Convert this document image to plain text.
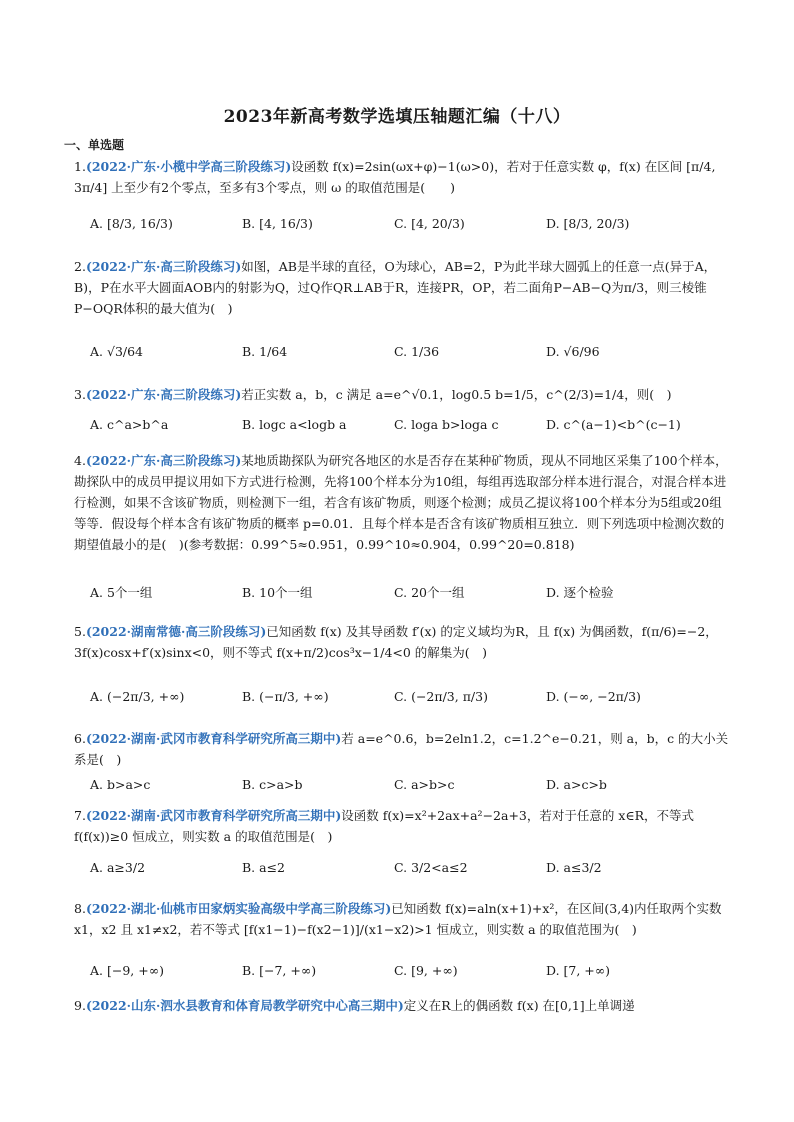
2023年新高考数学选填压轴题汇编（十八）
一、单选题
1.(2022·广东·小榄中学高三阶段练习)设函数 f(x)=2sin(ωx+φ)−1(ω>0)，若对于任意实数 φ，f(x) 在区间 [π/4, 3π/4] 上至少有2个零点，至多有3个零点，则 ω 的取值范围是(　　)
A. [8/3, 16/3)	B. [4, 16/3)	C. [4, 20/3)	D. [8/3, 20/3)
2.(2022·广东·高三阶段练习)如图，AB是半球的直径，O为球心，AB=2，P为此半球大圆弧上的任意一点(异于A，B)，P在水平大圆面AOB内的射影为Q，过Q作QR⊥AB于R，连接PR，OP，若二面角P−AB−Q为π/3，则三棱锥P−OQR体积的最大值为(　)
A. √3/64	B. 1/64	C. 1/36	D. √6/96
3.(2022·广东·高三阶段练习)若正实数 a，b，c 满足 a=e^√0.1，log0.5 b=1/5，c^(2/3)=1/4，则(　)
A. c^a>b^a	B. logc a<logb a	C. loga b>loga c	D. c^(a−1)<b^(c−1)
4.(2022·广东·高三阶段练习)某地质勘探队为研究各地区的水是否存在某种矿物质，现从不同地区采集了100个样本，勘探队中的成员甲提议用如下方式进行检测，先将100个样本分为10组，每组再选取部分样本进行混合，对混合样本进行检测，如果不含该矿物质，则检测下一组，若含有该矿物质，则逐个检测；成员乙提议将100个样本分为5组或20组等等．假设每个样本含有该矿物质的概率 p=0.01．且每个样本是否含有该矿物质相互独立．则下列选项中检测次数的期望值最小的是(　)(参考数据：0.99^5≈0.951，0.99^10≈0.904，0.99^20=0.818)
A. 5个一组	B. 10个一组	C. 20个一组	D. 逐个检验
5.(2022·湖南常德·高三阶段练习)已知函数 f(x) 及其导函数 f′(x) 的定义域均为R，且 f(x) 为偶函数，f(π/6)=−2，3f(x)cosx+f′(x)sinx<0，则不等式 f(x+π/2)cos³x−1/4<0 的解集为(　)
A. (−2π/3, +∞)	B. (−π/3, +∞)	C. (−2π/3, π/3)	D. (−∞, −2π/3)
6.(2022·湖南·武冈市教育科学研究所高三期中)若 a=e^0.6，b=2eln1.2，c=1.2^e−0.21，则 a，b，c 的大小关系是(　)
A. b>a>c	B. c>a>b	C. a>b>c	D. a>c>b
7.(2022·湖南·武冈市教育科学研究所高三期中)设函数 f(x)=x²+2ax+a²−2a+3，若对于任意的 x∈R，不等式 f(f(x))≥0 恒成立，则实数 a 的取值范围是(　)
A. a≥3/2	B. a≤2	C. 3/2<a≤2	D. a≤3/2
8.(2022·湖北·仙桃市田家炳实验高级中学高三阶段练习)已知函数 f(x)=aln(x+1)+x²，在区间(3,4)内任取两个实数 x1，x2 且 x1≠x2，若不等式 [f(x1−1)−f(x2−1)]/(x1−x2)>1 恒成立，则实数 a 的取值范围为(　)
A. [−9, +∞)	B. [−7, +∞)	C. [9, +∞)	D. [7, +∞)
9.(2022·山东·泗水县教育和体育局教学研究中心高三期中)定义在R上的偶函数 f(x) 在[0,1]上单调递
